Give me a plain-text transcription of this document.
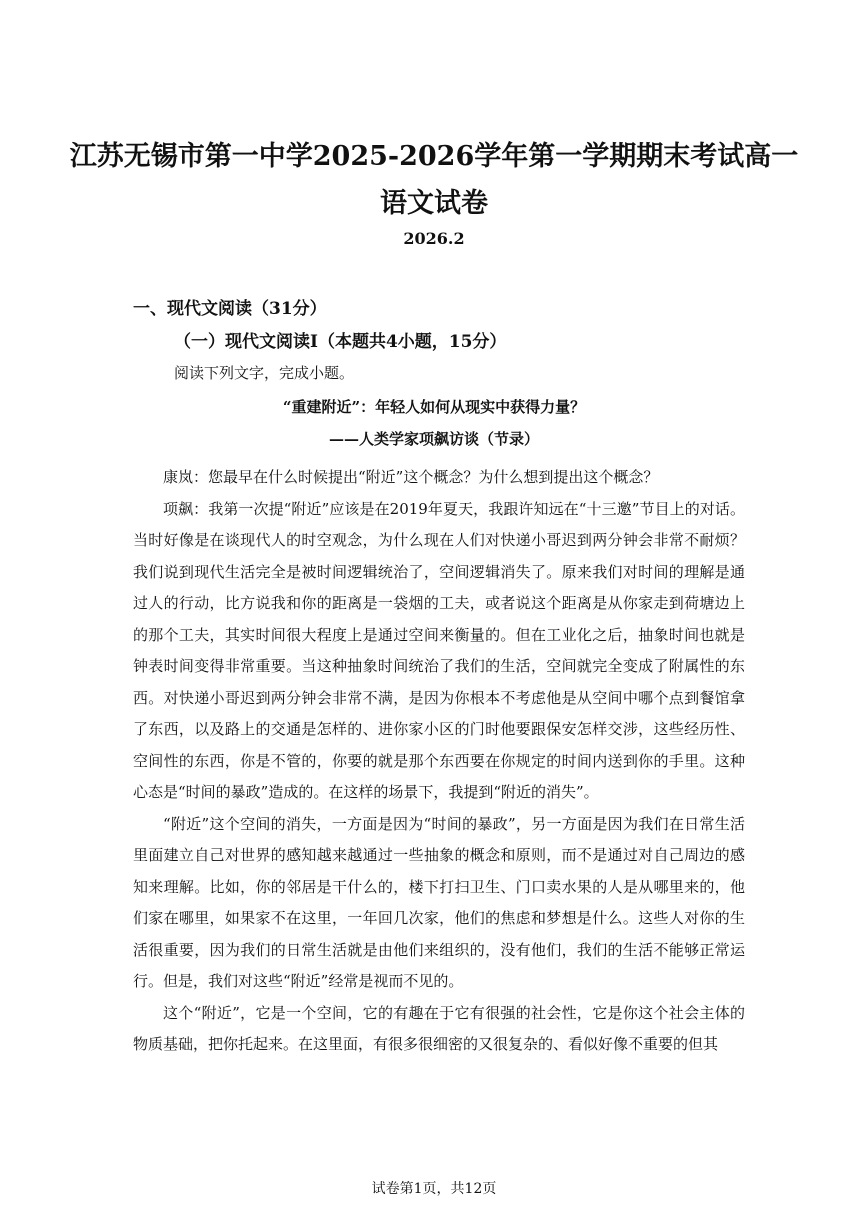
江苏无锡市第一中学2025-2026学年第一学期期末考试高一
语文试卷
2026.2
一、现代文阅读（31分）
（一）现代文阅读I（本题共4小题，15分）
阅读下列文字，完成小题。
“重建附近”：年轻人如何从现实中获得力量？
——人类学家项飙访谈（节录）

康岚：您最早在什么时候提出“附近”这个概念？为什么想到提出这个概念？

项飙：我第一次提“附近”应该是在2019年夏天，我跟许知远在“十三邀”节目上的对话。当时好像是在谈现代人的时空观念，为什么现在人们对快递小哥迟到两分钟会非常不耐烦？我们说到现代生活完全是被时间逻辑统治了，空间逻辑消失了。原来我们对时间的理解是通过人的行动，比方说我和你的距离是一袋烟的工夫，或者说这个距离是从你家走到荷塘边上的那个工夫，其实时间很大程度上是通过空间来衡量的。但在工业化之后，抽象时间也就是钟表时间变得非常重要。当这种抽象时间统治了我们的生活，空间就完全变成了附属性的东西。对快递小哥迟到两分钟会非常不满，是因为你根本不考虑他是从空间中哪个点到餐馆拿了东西，以及路上的交通是怎样的、进你家小区的门时他要跟保安怎样交涉，这些经历性、空间性的东西，你是不管的，你要的就是那个东西要在你规定的时间内送到你的手里。这种心态是“时间的暴政”造成的。在这样的场景下，我提到“附近的消失”。

“附近”这个空间的消失，一方面是因为“时间的暴政”，另一方面是因为我们在日常生活里面建立自己对世界的感知越来越通过一些抽象的概念和原则，而不是通过对自己周边的感知来理解。比如，你的邻居是干什么的，楼下打扫卫生、门口卖水果的人是从哪里来的，他们家在哪里，如果家不在这里，一年回几次家，他们的焦虑和梦想是什么。这些人对你的生活很重要，因为我们的日常生活就是由他们来组织的，没有他们，我们的生活不能够正常运行。但是，我们对这些“附近”经常是视而不见的。

这个“附近”，它是一个空间，它的有趣在于它有很强的社会性，它是你这个社会主体的物质基础，把你托起来。在这里面，有很多很细密的又很复杂的、看似好像不重要的但其

试卷第1页，共12页
